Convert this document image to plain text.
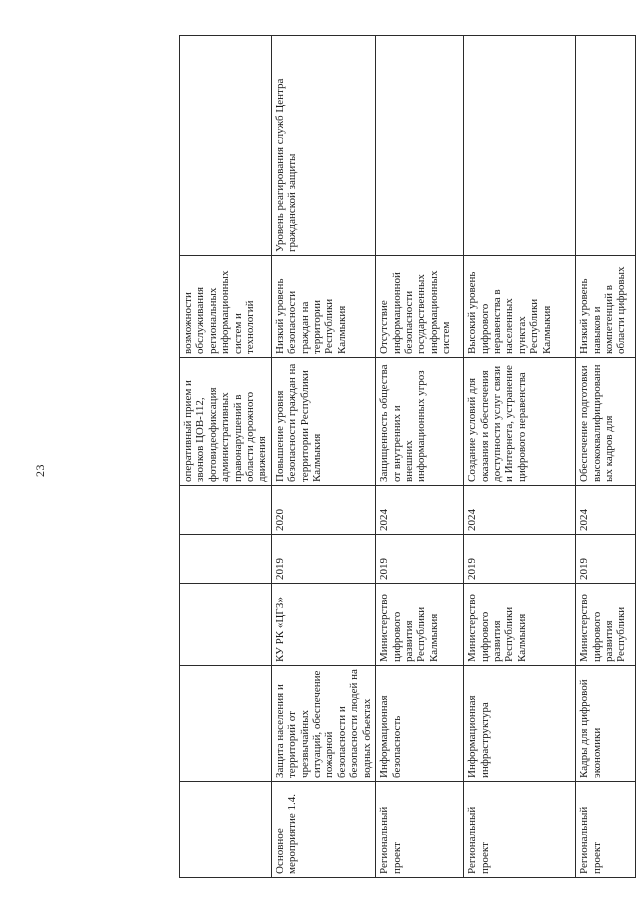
23
						оперативный прием и звонков ЦОВ-112, фотовидеофиксация административных правонарушений в области дорожного движения	возможности обслуживания региональных информационных систем и технологий	
Основное мероприятие 1.4.	Защита населения и территорий от чрезвычайных ситуаций, обеспечение пожарной безопасности и безопасности людей на водных объектах	КУ РК «ЦГЗ»	2019	2020	Повышение уровня безопасности граждан на территории Республики Калмыкия	Низкий уровень безопасности граждан на территории Республики Калмыкия	Уровень реагирования служб Центра гражданской защиты
Региональный проект	Информационная безопасность	Министерство цифрового развития Республики Калмыкия	2019	2024	Защищенность общества от внутренних и внешних информационных угроз	Отсутствие информационной безопасности государственных информационных систем	
Региональный проект	Информационная инфраструктура	Министерство цифрового развития Республики Калмыкия	2019	2024	Создание условий для оказания и обеспечения доступности услуг связи и Интернета, устранение цифрового неравенства	Высокий уровень цифрового неравенства в населенных пунктах Республики Калмыкия	
Региональный проект	Кадры для цифровой экономики	Министерство цифрового развития Республики	2019	2024	Обеспечение подготовки высококвалифицированных кадров для	Низкий уровень навыков и компетенций в области цифровых	
